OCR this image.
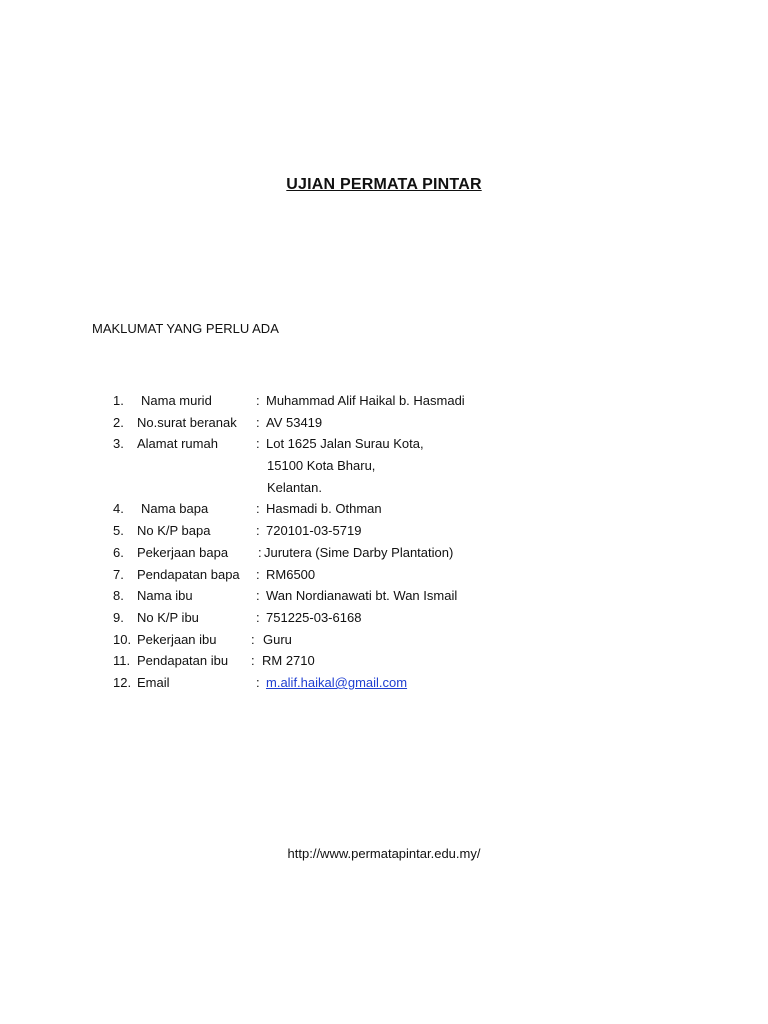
UJIAN PERMATA PINTAR
MAKLUMAT YANG PERLU ADA
1. Nama murid	: Muhammad Alif Haikal b. Hasmadi
2. No.surat beranak : AV 53419
3. Alamat rumah	: Lot 1625 Jalan Surau Kota,
15100 Kota Bharu,
Kelantan.
4. Nama bapa	: Hasmadi b. Othman
5. No K/P bapa	: 720101-03-5719
6. Pekerjaan bapa : Jurutera (Sime Darby Plantation)
7. Pendapatan bapa : RM6500
8. Nama ibu	: Wan Nordianawati bt. Wan Ismail
9. No K/P ibu	: 751225-03-6168
10. Pekerjaan ibu	: Guru
11. Pendapatan ibu : RM 2710
12. Email	: m.alif.haikal@gmail.com
http://www.permatapintar.edu.my/
